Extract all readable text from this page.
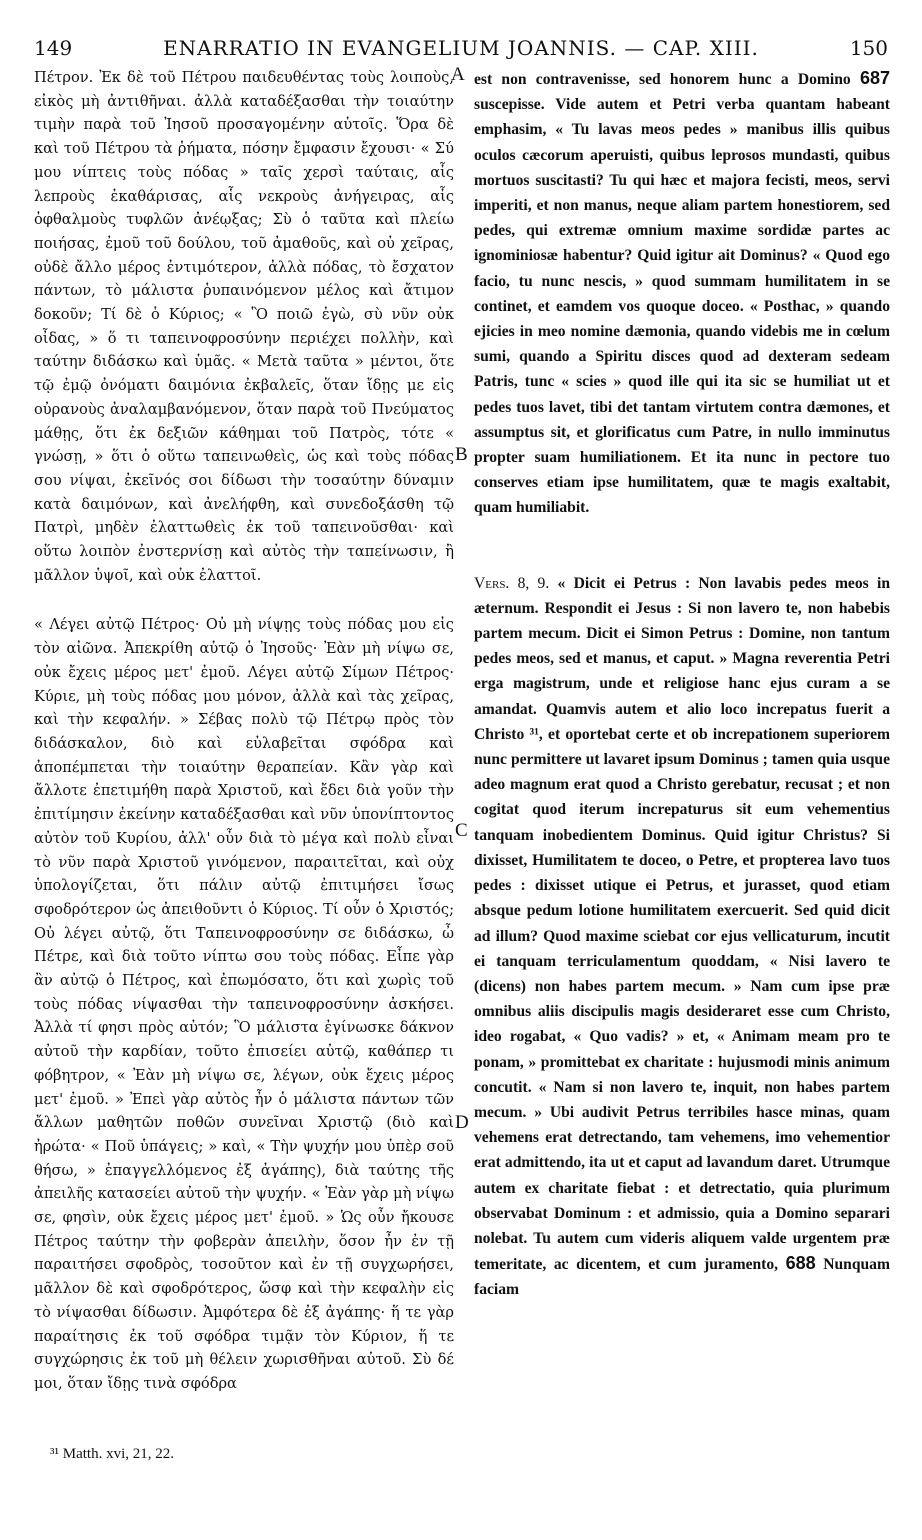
149	ENARRATIO IN EVANGELIUM JOANNIS. — CAP. XIII.	150

Πέτρον. Ἐκ δὲ τοῦ Πέτρου παιδευθέντας τοὺς λοιποὺς, εἰκὸς μὴ ἀντιθῆναι. ἀλλὰ καταδέξασθαι τὴν τοιαύτην τιμὴν παρὰ τοῦ Ἰησοῦ προσαγομένην αὐτοῖς. Ὅρα δὲ καὶ τοῦ Πέτρου τὰ ῥήματα, πόσην ἔμφασιν ἔχουσι· « Σύ μου νίπτεις τοὺς πόδας » ταῖς χερσὶ ταύταις, αἷς λεπροὺς ἐκαθάρισας, αἷς νεκροὺς ἀνήγειρας, αἷς ὀφθαλμοὺς τυφλῶν ἀνέῳξας; Σὺ ὁ ταῦτα καὶ πλείω ποιήσας, ἐμοῦ τοῦ δούλου, τοῦ ἀμαθοῦς, καὶ οὐ χεῖρας, οὐδὲ ἄλλο μέρος ἐντιμότερον, ἀλλὰ πόδας, τὸ ἔσχατον πάντων, τὸ μάλιστα ῥυπαινόμενον μέλος καὶ ἄτιμον δοκοῦν; Τί δὲ ὁ Κύριος; « Ὃ ποιῶ ἐγὼ, σὺ νῦν οὐκ οἶδας, » ὅ τι ταπεινοφροσύνην περιέχει πολλὴν, καὶ ταύτην διδάσκω καὶ ὑμᾶς. « Μετὰ ταῦτα » μέντοι, ὅτε τῷ ἐμῷ ὀνόματι δαιμόνια ἐκβαλεῖς, ὅταν ἴδῃς με εἰς οὐρανοὺς ἀναλαμβανόμενον, ὅταν παρὰ τοῦ Πνεύματος μάθῃς, ὅτι ἐκ δεξιῶν κάθημαι τοῦ Πατρὸς, τότε « γνώσῃ, » ὅτι ὁ οὕτω ταπεινωθεὶς, ὡς καὶ τοὺς πόδας σου νίψαι, ἐκεῖνός σοι δίδωσι τὴν τοσαύτην δύναμιν κατὰ δαιμόνων, καὶ ἀνελήφθη, καὶ συνεδοξάσθη τῷ Πατρὶ, μηδὲν ἐλαττωθεὶς ἐκ τοῦ ταπεινοῦσθαι· καὶ οὕτω λοιπὸν ἐνστερνίσῃ καὶ αὐτὸς τὴν ταπείνωσιν, ἢ μᾶλλον ὑψοῖ, καὶ οὐκ ἐλαττοῖ.

« Λέγει αὐτῷ Πέτρος· Οὐ μὴ νίψῃς τοὺς πόδας μου εἰς τὸν αἰῶνα. Ἀπεκρίθη αὐτῷ ὁ Ἰησοῦς· Ἐὰν μὴ νίψω σε, οὐκ ἔχεις μέρος μετ' ἐμοῦ. Λέγει αὐτῷ Σίμων Πέτρος· Κύριε, μὴ τοὺς πόδας μου μόνον, ἀλλὰ καὶ τὰς χεῖρας, καὶ τὴν κεφαλήν. » Σέβας πολὺ τῷ Πέτρῳ πρὸς τὸν διδάσκαλον, διὸ καὶ εὐλαβεῖται σφόδρα καὶ ἀποπέμπεται τὴν τοιαύτην θεραπείαν. Κἂν γὰρ καὶ ἄλλοτε ἐπετιμήθη παρὰ Χριστοῦ, καὶ ἔδει διὰ γοῦν τὴν ἐπιτίμησιν ἐκείνην καταδέξασθαι καὶ νῦν ὑπονίπτοντος αὐτὸν τοῦ Κυρίου, ἀλλ' οὖν διὰ τὸ μέγα καὶ πολὺ εἶναι τὸ νῦν παρὰ Χριστοῦ γινόμενον, παραιτεῖται, καὶ οὐχ ὑπολογίζεται, ὅτι πάλιν αὐτῷ ἐπιτιμήσει ἴσως σφοδρότερον ὡς ἀπειθοῦντι ὁ Κύριος. Τί οὖν ὁ Χριστός; Οὐ λέγει αὐτῷ, ὅτι Ταπεινοφροσύνην σε διδάσκω, ὦ Πέτρε, καὶ διὰ τοῦτο νίπτω σου τοὺς πόδας. Εἶπε γὰρ ἂν αὐτῷ ὁ Πέτρος, καὶ ἐπωμόσατο, ὅτι καὶ χωρὶς τοῦ τοὺς πόδας νίψασθαι τὴν ταπεινοφροσύνην ἀσκήσει. Ἀλλὰ τί φησι πρὸς αὐτόν; Ὃ μάλιστα ἐγίνωσκε δάκνον αὐτοῦ τὴν καρδίαν, τοῦτο ἐπισείει αὐτῷ, καθάπερ τι φόβητρον, « Ἐὰν μὴ νίψω σε, λέγων, οὐκ ἔχεις μέρος μετ' ἐμοῦ. » Ἐπεὶ γὰρ αὐτὸς ἦν ὁ μάλιστα πάντων τῶν ἄλλων μαθητῶν ποθῶν συνεῖναι Χριστῷ (διὸ καὶ ἠρώτα· « Ποῦ ὑπάγεις; » καὶ, « Τὴν ψυχήν μου ὑπὲρ σοῦ θήσω, » ἐπαγγελλόμενος ἐξ ἀγάπης), διὰ ταύτης τῆς ἀπειλῆς κατασείει αὐτοῦ τὴν ψυχήν. « Ἐὰν γὰρ μὴ νίψω σε, φησὶν, οὐκ ἔχεις μέρος μετ' ἐμοῦ. » Ὡς οὖν ἤκουσε Πέτρος ταύτην τὴν φοβερὰν ἀπειλὴν, ὅσον ἦν ἐν τῇ παραιτήσει σφοδρὸς, τοσοῦτον καὶ ἐν τῇ συγχωρήσει, μᾶλλον δὲ καὶ σφοδρότερος, ὥσφ καὶ τὴν κεφαλὴν εἰς τὸ νίψασθαι δίδωσιν. Ἀμφότερα δὲ ἐξ ἀγάπης· ἥ τε γὰρ παραίτησις ἐκ τοῦ σφόδρα τιμᾷν τὸν Κύριον, ἥ τε συγχώρησις ἐκ τοῦ μὴ θέλειν χωρισθῆναι αὐτοῦ. Σὺ δέ μοι, ὅταν ἴδῃς τινὰ σφόδρα

est non contravenisse, sed honorem hunc a Domino 687 suscepisse. Vide autem et Petri verba quantam habeant emphasim, « Tu lavas meos pedes » manibus illis quibus oculos cæcorum aperuisti, quibus leprosos mundasti, quibus mortuos suscitasti? Tu qui hæc et majora fecisti, meos, servi imperiti, et non manus, neque aliam partem honestiorem, sed pedes, qui extremæ omnium maxime sordidæ partes ac ignominiosæ habentur? Quid igitur ait Dominus? « Quod ego facio, tu nunc nescis, » quod summam humilitatem in se continet, et eamdem vos quoque doceo. « Posthac, » quando ejicies in meo nomine dæmonia, quando videbis me in cœlum sumi, quando a Spiritu disces quod ad dexteram sedeam Patris, tunc « scies » quod ille qui ita sic se humiliat ut et pedes tuos lavet, tibi det tantam virtutem contra dæmones, et assumptus sit, et glorificatus cum Patre, in nullo imminutus propter suam humiliationem. Et ita nunc in pectore tuo conserves etiam ipse humilitatem, quæ te magis exaltabit, quam humiliabit.

Vers. 8, 9. « Dicit ei Petrus : Non lavabis pedes meos in æternum. Respondit ei Jesus : Si non lavero te, non habebis partem mecum. Dicit ei Simon Petrus : Domine, non tantum pedes meos, sed et manus, et caput. » Magna reverentia Petri erga magistrum, unde et religiose hanc ejus curam a se amandat. Quamvis autem et alio loco increpatus fuerit a Christo ³¹, et oportebat certe et ob increpationem superiorem nunc permittere ut lavaret ipsum Dominus ; tamen quia usque adeo magnum erat quod a Christo gerebatur, recusat ; et non cogitat quod iterum increpaturus sit eum vehementius tanquam inobedientem Dominus. Quid igitur Christus? Si dixisset, Humilitatem te doceo, o Petre, et propterea lavo tuos pedes : dixisset utique ei Petrus, et jurasset, quod etiam absque pedum lotione humilitatem exercuerit. Sed quid dicit ad illum? Quod maxime sciebat cor ejus vellicaturum, incutit ei tanquam terriculamentum quoddam, « Nisi lavero te (dicens) non habes partem mecum. » Nam cum ipse præ omnibus aliis discipulis magis desideraret esse cum Christo, ideo rogabat, « Quo vadis? » et, « Animam meam pro te ponam, » promittebat ex charitate : hujusmodi minis animum concutit. « Nam si non lavero te, inquit, non habes partem mecum. » Ubi audivit Petrus terribiles hasce minas, quam vehemens erat detrectando, tam vehemens, imo vehementior erat admittendo, ita ut et caput ad lavandum daret. Utrumque autem ex charitate fiebat : et detrectatio, quia plurimum observabat Dominum : et admissio, quia a Domino separari nolebat. Tu autem cum videris aliquem valde urgentem præ temeritate, ac dicentem, et cum juramento, 688 Nunquam faciam

A
B
C
D
³¹ Matth. xvi, 21, 22.
